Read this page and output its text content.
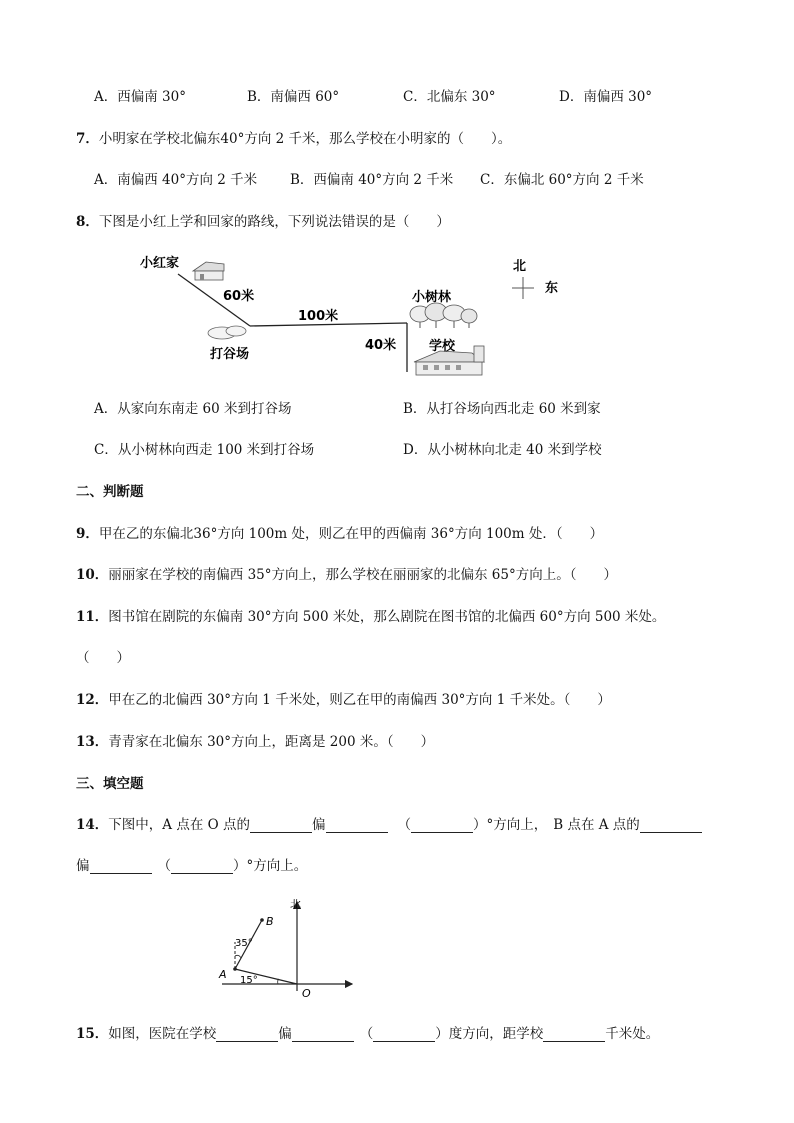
A．西偏南 30°	B．南偏西 60°	C．北偏东 30°	D．南偏西 30°
7．小明家在学校北偏东40°方向 2 千米，那么学校在小明家的（　　）。
A．南偏西 40°方向 2 千米 B．西偏南 40°方向 2 千米 C．东偏北 60°方向 2 千米
8．下图是小红上学和回家的路线，下列说法错误的是（　　）
小红家
60米
100米
40米
打谷场
小树林
学校
北
东
A．从家向东南走 60 米到打谷场	B．从打谷场向西北走 60 米到家
C．从小树林向西走 100 米到打谷场	D．从小树林向北走 40 米到学校
二、判断题
9．甲在乙的东偏北36°方向 100m 处，则乙在甲的西偏南 36°方向 100m 处．（　　）
10．丽丽家在学校的南偏西 35°方向上，那么学校在丽丽家的北偏东 65°方向上。（　　）
11．图书馆在剧院的东偏南 30°方向 500 米处，那么剧院在图书馆的北偏西 60°方向 500 米处。
（　　）
12．甲在乙的北偏西 30°方向 1 千米处，则乙在甲的南偏西 30°方向 1 千米处。（　　）
13．青青家在北偏东 30°方向上，距离是 200 米。（　　）
三、填空题
14．下图中，A 点在 O 点的	偏	（	）°方向上， B 点在 A 点的
偏	（	）°方向上。
北
A
B
O
35°
15°
15．如图，医院在学校	偏	（	）度方向，距学校	千米处。
